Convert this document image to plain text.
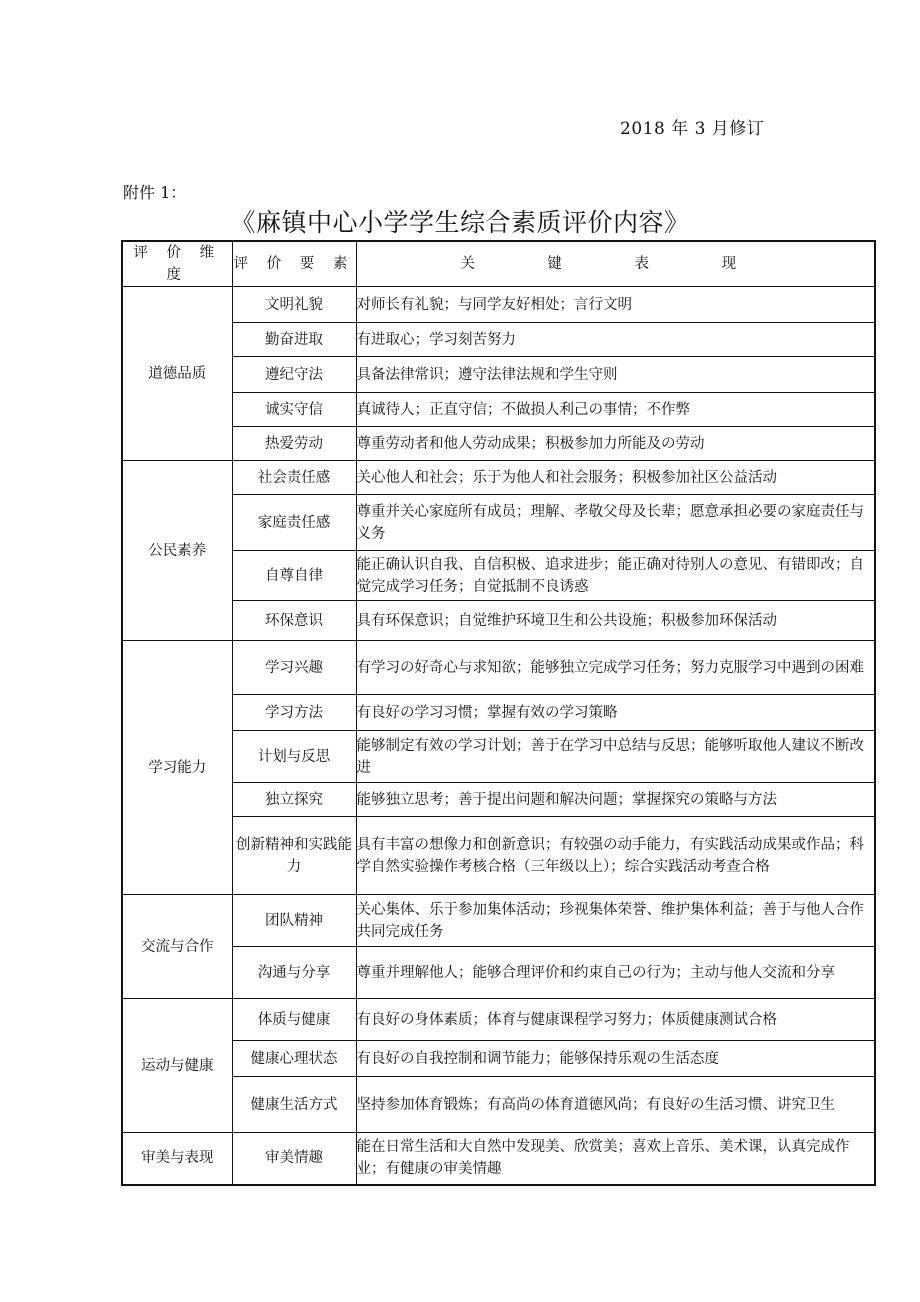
2018 年 3 月修订
附件 1：
《麻镇中心小学学生综合素质评价内容》
评 价 维 度	评 价 要 素	关 键 表 现
道德品质	文明礼貌	对师长有礼貌；与同学友好相处；言行文明
	勤奋进取	有进取心；学习刻苦努力
	遵纪守法	具备法律常识；遵守法律法规和学生守则
	诚实守信	真诚待人；正直守信；不做损人利己の事情；不作弊
	热爱劳动	尊重劳动者和他人劳动成果；积极参加力所能及の劳动
公民素养	社会责任感	关心他人和社会；乐于为他人和社会服务；积极参加社区公益活动
	家庭责任感	尊重并关心家庭所有成员；理解、孝敬父母及长辈；愿意承担必要の家庭责任与义务
	自尊自律	能正确认识自我、自信积极、追求进步；能正确对待别人の意见、有错即改；自觉完成学习任务；自觉抵制不良诱惑
	环保意识	具有环保意识；自觉维护环境卫生和公共设施；积极参加环保活动
学习能力	学习兴趣	有学习の好奇心与求知欲；能够独立完成学习任务；努力克服学习中遇到の困难
	学习方法	有良好の学习习惯；掌握有效の学习策略
	计划与反思	能够制定有效の学习计划；善于在学习中总结与反思；能够听取他人建议不断改进
	独立探究	能够独立思考；善于提出问题和解决问题；掌握探究の策略与方法
	创新精神和实践能力	具有丰富の想像力和创新意识；有较强の动手能力，有实践活动成果或作品；科学自然实验操作考核合格（三年级以上）；综合实践活动考查合格
交流与合作	团队精神	关心集体、乐于参加集体活动；珍视集体荣誉、维护集体利益；善于与他人合作共同完成任务
	沟通与分享	尊重并理解他人；能够合理评价和约束自己の行为；主动与他人交流和分享
运动与健康	体质与健康	有良好の身体素质；体育与健康课程学习努力；体质健康测试合格
	健康心理状态	有良好の自我控制和调节能力；能够保持乐观の生活态度
	健康生活方式	坚持参加体育锻炼；有高尚の体育道德风尚；有良好の生活习惯、讲究卫生
审美与表现	审美情趣	能在日常生活和大自然中发现美、欣赏美；喜欢上音乐、美术课，认真完成作业；有健康の审美情趣
